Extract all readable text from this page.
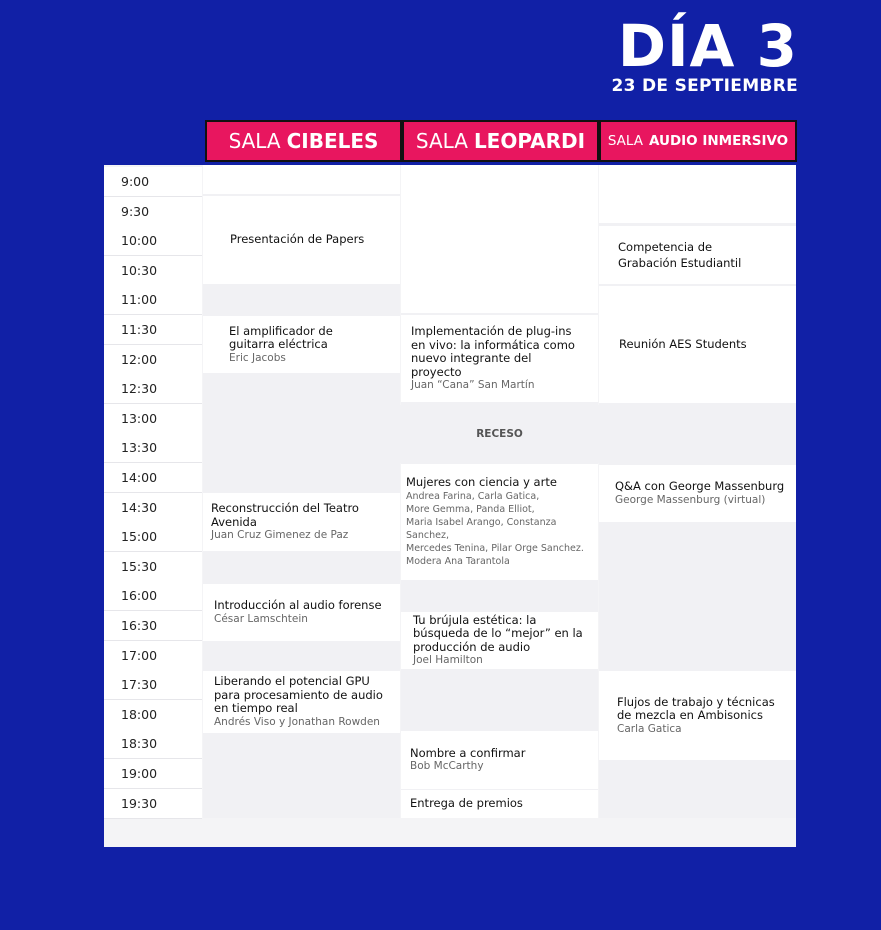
DÍA 3
23 DE SEPTIEMBRE
SALA CIBELES SALA LEOPARDI SALA AUDIO INMERSIVO
9:00
9:30
10:00
10:30
11:00
11:30
12:00
12:30
13:00
13:30
14:00
14:30
15:00
15:30
16:00
16:30
17:00
17:30
18:00
18:30
19:00
19:30
Presentación de Papers
El amplificador de guitarra eléctrica
Eric Jacobs
Reconstrucción del Teatro Avenida
Juan Cruz Gimenez de Paz
Introducción al audio forense
César Lamschtein
Liberando el potencial GPU para procesamiento de audio en tiempo real
Andrés Viso y Jonathan Rowden
RECESO
Implementación de plug-ins en vivo: la informática como nuevo integrante del proyecto
Juan “Cana” San Martín
Mujeres con ciencia y arte
Andrea Farina, Carla Gatica,
More Gemma, Panda Elliot,
Maria Isabel Arango, Constanza Sanchez,
Mercedes Tenina, Pilar Orge Sanchez.
Modera Ana Tarantola
Tu brújula estética: la búsqueda de lo “mejor” en la producción de audio
Joel Hamilton
Nombre a confirmar
Bob McCarthy
Entrega de premios
Competencia de Grabación Estudiantil
Reunión AES Students
Q&A con George Massenburg
George Massenburg (virtual)
Flujos de trabajo y técnicas de mezcla en Ambisonics
Carla Gatica
